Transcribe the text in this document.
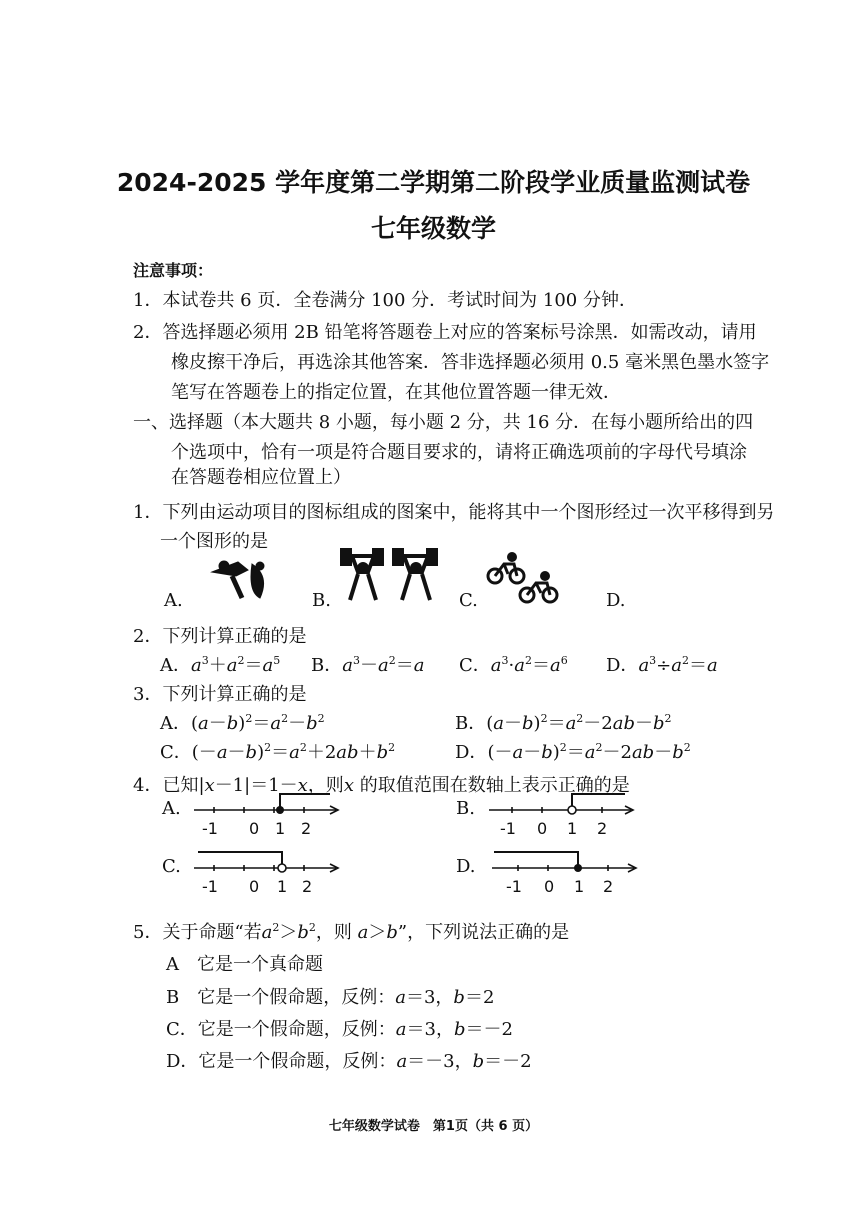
2024-2025 学年度第二学期第二阶段学业质量监测试卷
七年级数学
注意事项：
1．本试卷共 6 页．全卷满分 100 分．考试时间为 100 分钟．
2．答选择题必须用 2B 铅笔将答题卷上对应的答案标号涂黑．如需改动，请用
橡皮擦干净后，再选涂其他答案．答非选择题必须用 0.5 毫米黑色墨水签字
笔写在答题卷上的指定位置，在其他位置答题一律无效．
一、选择题（本大题共 8 小题，每小题 2 分，共 16 分．在每小题所给出的四
个选项中，恰有一项是符合题目要求的，请将正确选项前的字母代号填涂
在答题卷相应位置上）
1．下列由运动项目的图标组成的图案中，能将其中一个图形经过一次平移得到另
一个图形的是
A.	B.	C.	D.
2．下列计算正确的是
A．$a^3+a^2=a^5$ B．$a^3-a^2=a$ C．$a^3\cdot a^2=a^6$ D．$a^3\div a^2=a$
3．下列计算正确的是
A．$(a-b)^2=a^2-b^2$	B．$(a-b)^2=a^2-2ab-b^2$
C．$(-a-b)^2=a^2+2ab+b^2$	D．$(-a-b)^2=a^2-2ab-b^2$
4．已知|x－1|＝1－x，则x 的取值范围在数轴上表示正确的是
A.
-1 0 1 2
B.
-1 0 1 2
C.
-1 0 1 2
D.
-1 0 1 2
5．关于命题“若$a^2>b^2$，则 a＞b”，下列说法正确的是
A　它是一个真命题
B　它是一个假命题，反例：a＝3，b＝2
C．它是一个假命题，反例：a＝3，b＝－2
D．它是一个假命题，反例：a＝－3，b＝－2
七年级数学试卷　第1页（共 6 页）
